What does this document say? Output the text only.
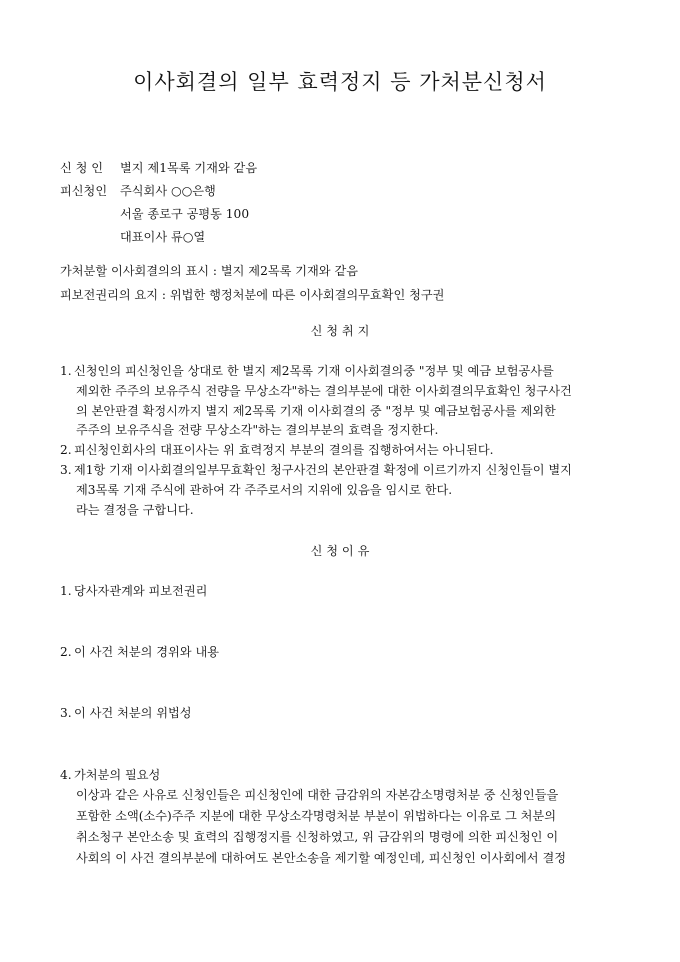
이사회결의 일부 효력정지 등 가처분신청서
신 청 인 별지 제1목록 기재와 같음
피신청인 주식회사 ○○은행
서울 종로구 공평동 100
대표이사 류○열
가처분할 이사회결의의 표시 : 별지 제2목록 기재와 같음
피보전권리의 요지 : 위법한 행정처분에 따른 이사회결의무효확인 청구권
신 청 취 지
1. 신청인의 피신청인을 상대로 한 별지 제2목록 기재 이사회결의중 "정부 및 예금 보험공사를
제외한 주주의 보유주식 전량을 무상소각"하는 결의부분에 대한 이사회결의무효확인 청구사건
의 본안판결 확정시까지 별지 제2목록 기재 이사회결의 중 "정부 및 예금보험공사를 제외한
주주의 보유주식을 전량 무상소각"하는 결의부분의 효력을 정지한다.
2. 피신청인회사의 대표이사는 위 효력정지 부분의 결의를 집행하여서는 아니된다.
3. 제1항 기재 이사회결의일부무효확인 청구사건의 본안판결 확정에 이르기까지 신청인들이 별지
제3목록 기재 주식에 관하여 각 주주로서의 지위에 있음을 임시로 한다.
라는 결정을 구합니다.
신 청 이 유
1. 당사자관계와 피보전권리
2. 이 사건 처분의 경위와 내용
3. 이 사건 처분의 위법성
4. 가처분의 필요성
이상과 같은 사유로 신청인들은 피신청인에 대한 금감위의 자본감소명령처분 중 신청인들을
포함한 소액(소수)주주 지분에 대한 무상소각명령처분 부분이 위법하다는 이유로 그 처분의
취소청구 본안소송 및 효력의 집행정지를 신청하였고, 위 금감위의 명령에 의한 피신청인 이
사회의 이 사건 결의부분에 대하여도 본안소송을 제기할 예정인데, 피신청인 이사회에서 결정
